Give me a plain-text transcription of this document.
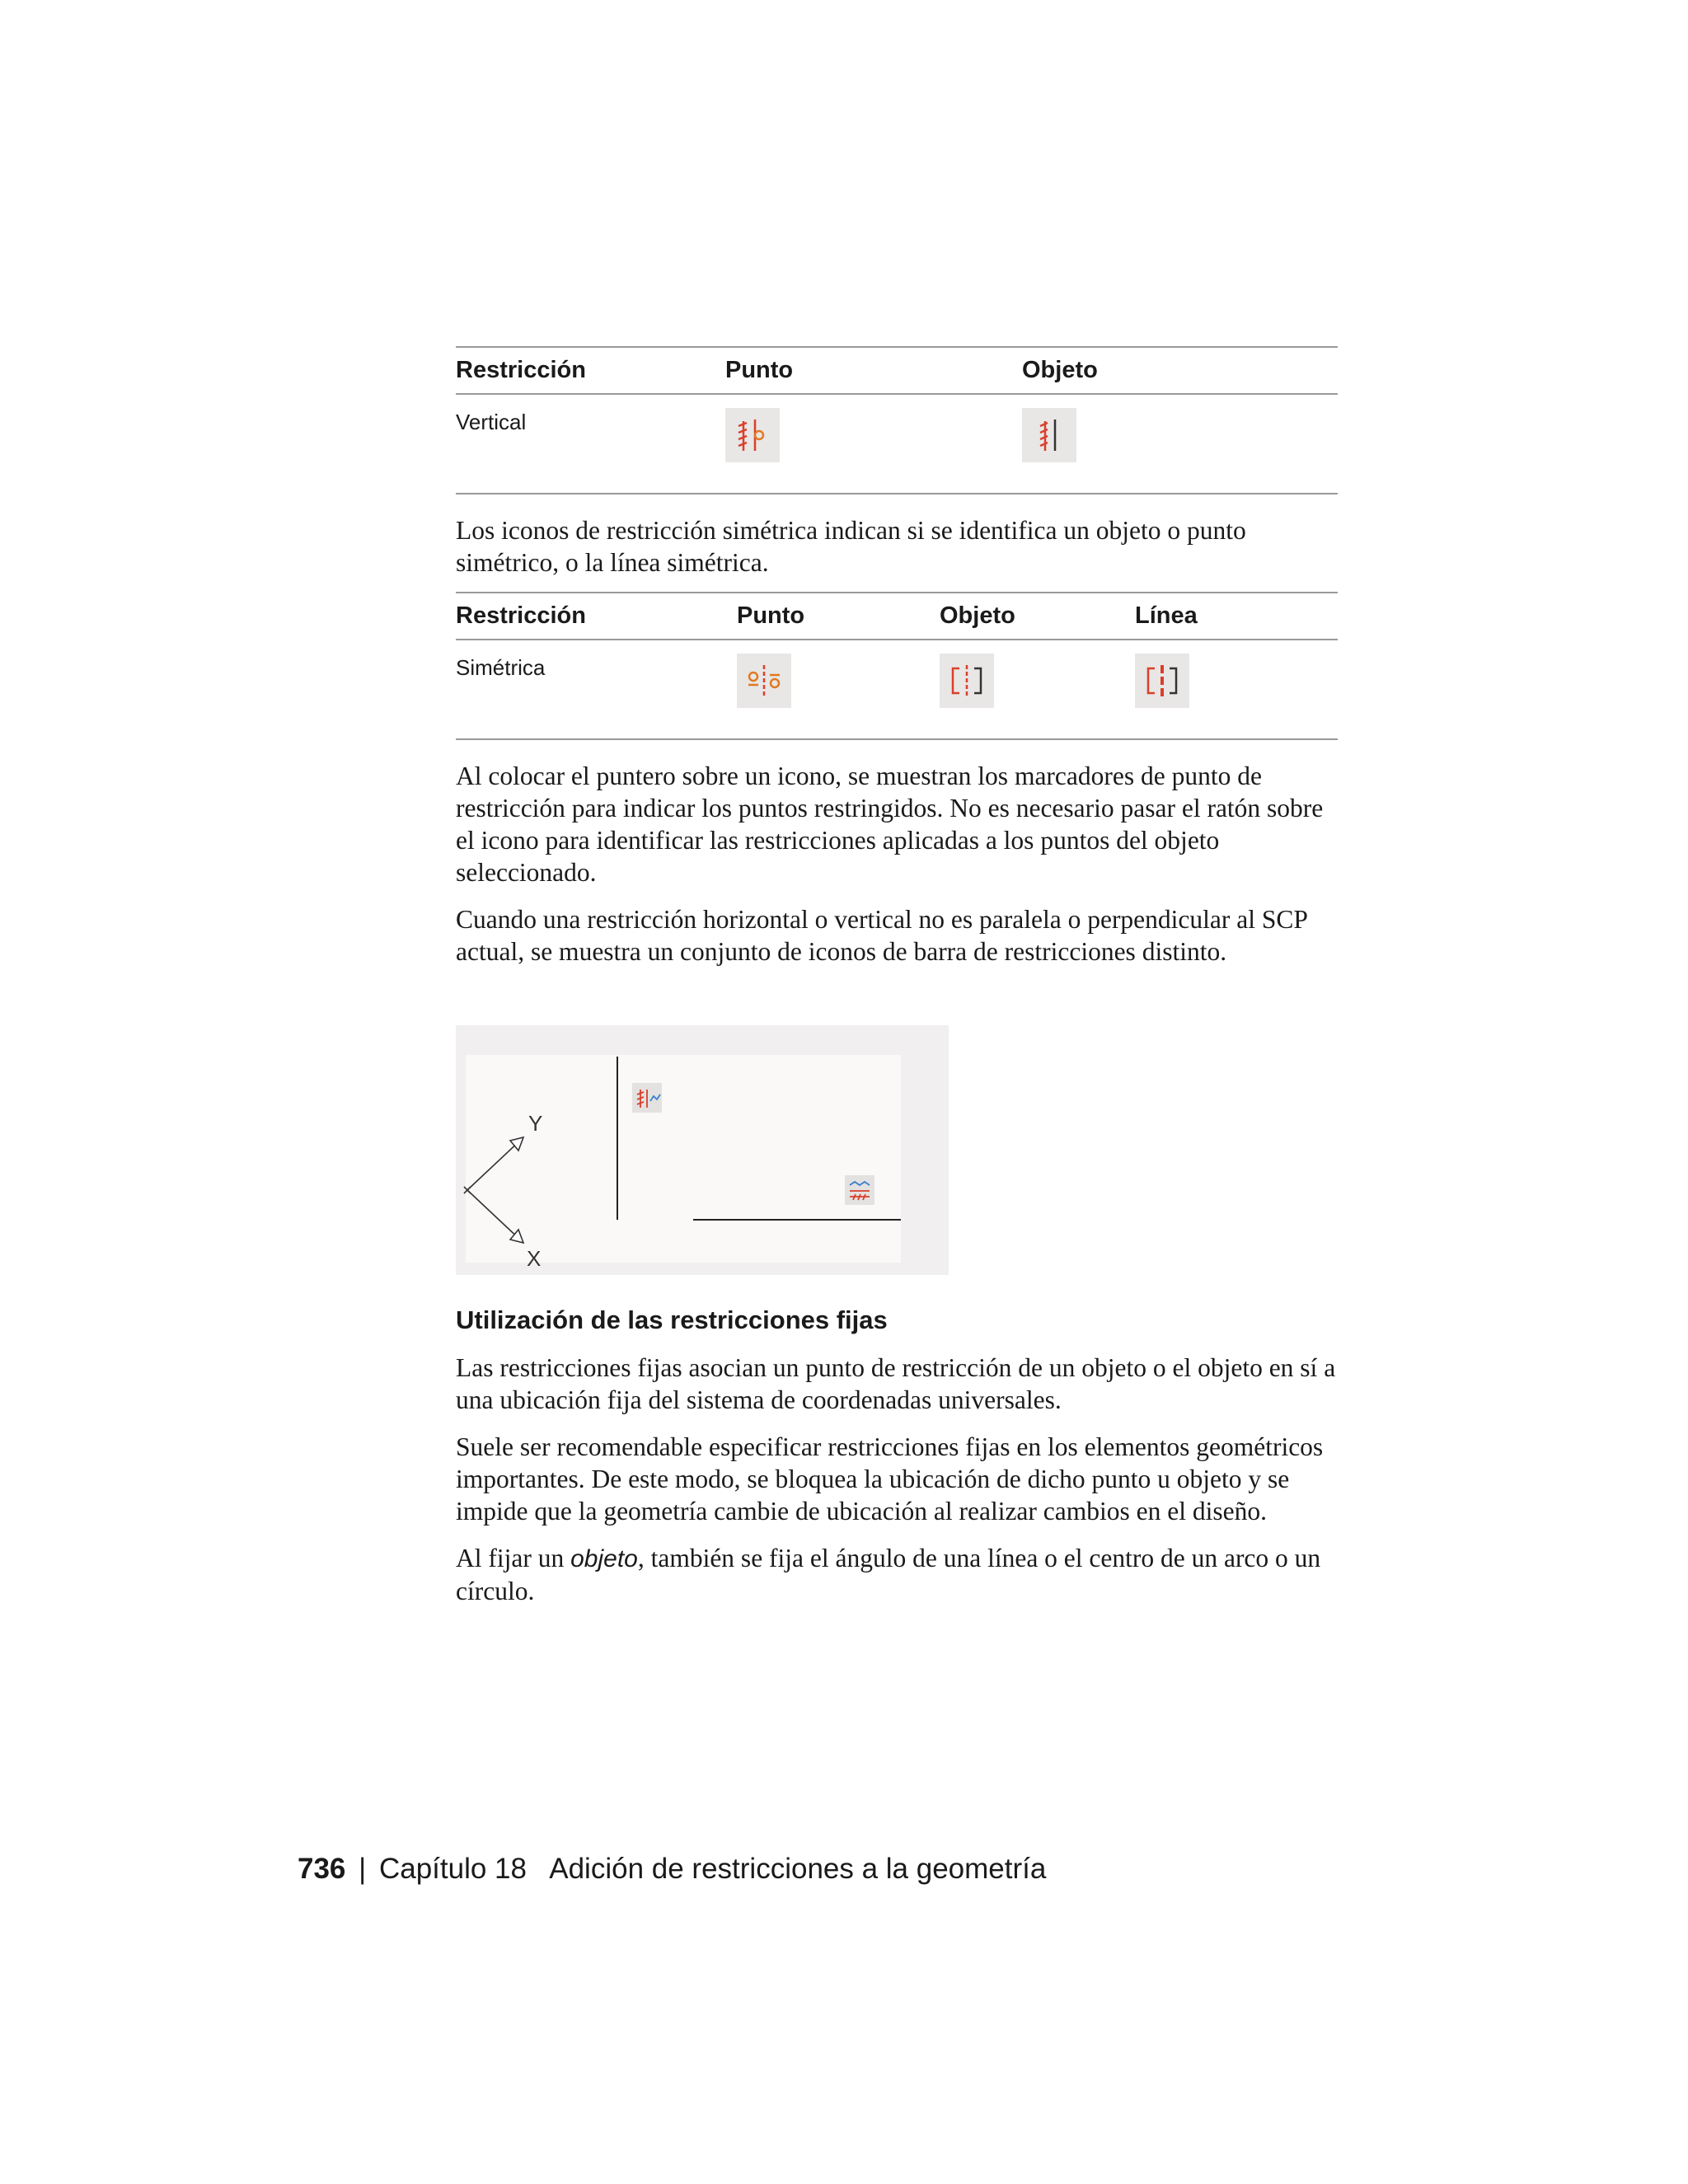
Restricción	Punto	Objeto
Vertical	

Los iconos de restricción simétrica indican si se identifica un objeto o punto simétrico, o la línea simétrica.

Restricción	Punto	Objeto	Línea
Simétrica	

Al colocar el puntero sobre un icono, se muestran los marcadores de punto de restricción para indicar los puntos restringidos. No es necesario pasar el ratón sobre el icono para identificar las restricciones aplicadas a los puntos del objeto seleccionado.

Cuando una restricción horizontal o vertical no es paralela o perpendicular al SCP actual, se muestra un conjunto de iconos de barra de restricciones distinto.

Y
X
Utilización de las restricciones fijas

Las restricciones fijas asocian un punto de restricción de un objeto o el objeto en sí a una ubicación fija del sistema de coordenadas universales.

Suele ser recomendable especificar restricciones fijas en los elementos geométricos importantes. De este modo, se bloquea la ubicación de dicho punto u objeto y se impide que la geometría cambie de ubicación al realizar cambios en el diseño.

Al fijar un objeto, también se fija el ángulo de una línea o el centro de un arco o un círculo.

736 | Capítulo 18 Adición de restricciones a la geometría
